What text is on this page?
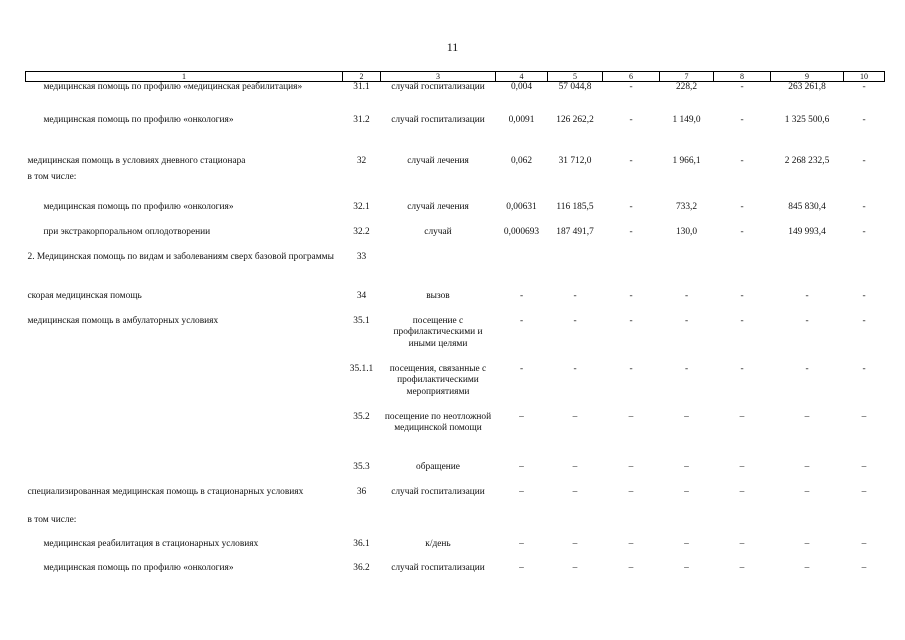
11
1	2	3	4	5	6	7	8	9	10
медицинская помощь по профилю «медицинская реабилитация»	31.1	случай госпитализации	0,004	57 044,8	-	228,2	-	263 261,8	-
медицинская помощь по профилю «онкология»	31.2	случай госпитализации	0,0091	126 262,2	-	1 149,0	-	1 325 500,6	-
медицинская помощь в условиях дневного стационара	32	случай лечения	0,062	31 712,0	-	1 966,1	-	2 268 232,5	-
в том числе:									
медицинская помощь по профилю «онкология»	32.1	случай лечения	0,00631	116 185,5	-	733,2	-	845 830,4	-
при экстракорпоральном оплодотворении	32.2	случай	0,000693	187 491,7	-	130,0	-	149 993,4	-
2. Медицинская помощь по видам и заболеваниям сверх базовой программы	33								
скорая медицинская помощь	34	вызов	-	-	-	-	-	-	-
медицинская помощь в амбулаторных условиях	35.1	посещение с профилактическими и иными целями	-	-	-	-	-	-	-
	35.1.1	посещения, связанные с профилактическими мероприятиями	-	-	-	-	-	-	-
	35.2	посещение по неотложной медицинской помощи	–	–	–	–	–	–	–
	35.3	обращение	–	–	–	–	–	–	–
специализированная медицинская помощь в стационарных условиях	36	случай госпитализации	–	–	–	–	–	–	–
в том числе:									
медицинская реабилитация в стационарных условиях	36.1	к/день	–	–	–	–	–	–	–
медицинская помощь по профилю «онкология»	36.2	случай госпитализации	–	–	–	–	–	–	–
